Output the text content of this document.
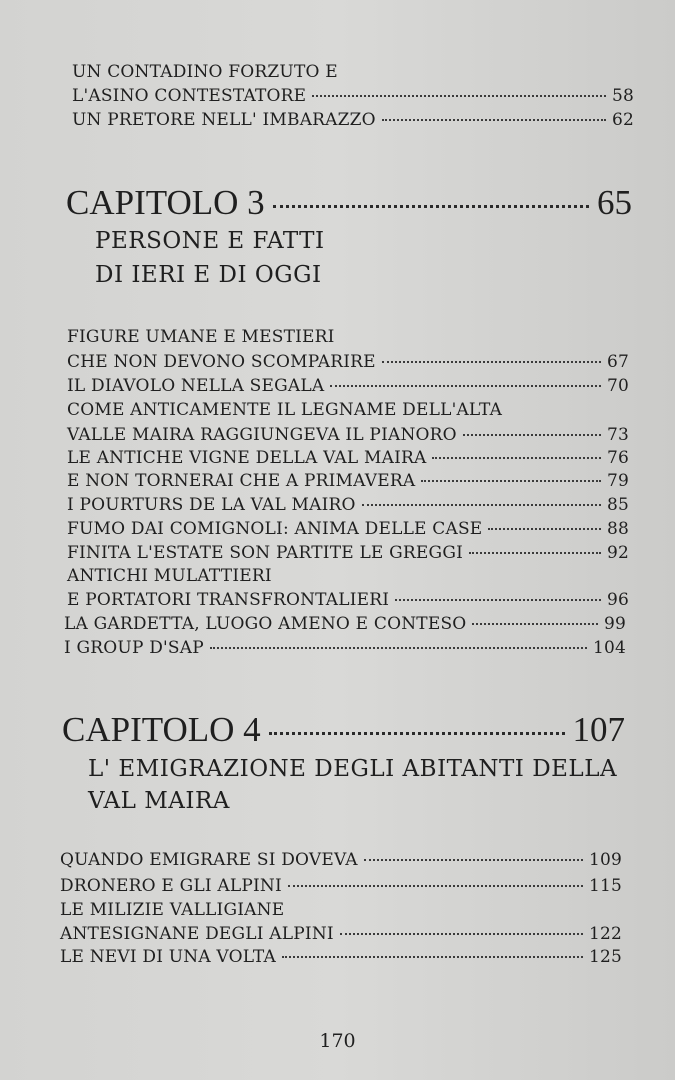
UN CONTADINO FORZUTO E
L'ASINO CONTESTATORE	58
UN PRETORE NELL' IMBARAZZO	62
CAPITOLO 3	65
PERSONE E FATTI
DI IERI E DI OGGI
FIGURE UMANE E MESTIERI
CHE NON DEVONO SCOMPARIRE	67
IL DIAVOLO NELLA SEGALA	70
COME ANTICAMENTE IL LEGNAME DELL'ALTA
VALLE MAIRA RAGGIUNGEVA IL PIANORO	73
LE ANTICHE VIGNE DELLA VAL MAIRA	76
E NON TORNERAI CHE A PRIMAVERA	79
I POURTURS DE LA VAL MAIRO	85
FUMO DAI COMIGNOLI: ANIMA DELLE CASE	88
FINITA L'ESTATE SON PARTITE LE GREGGI	92
ANTICHI MULATTIERI
E PORTATORI TRANSFRONTALIERI	96
LA GARDETTA, LUOGO AMENO E CONTESO	99
I GROUP D'SAP	104
CAPITOLO 4	107
L' EMIGRAZIONE DEGLI ABITANTI DELLA
VAL MAIRA
QUANDO EMIGRARE SI DOVEVA	109
DRONERO E GLI ALPINI	115
LE MILIZIE VALLIGIANE
ANTESIGNANE DEGLI ALPINI	122
LE NEVI DI UNA VOLTA	125
170
